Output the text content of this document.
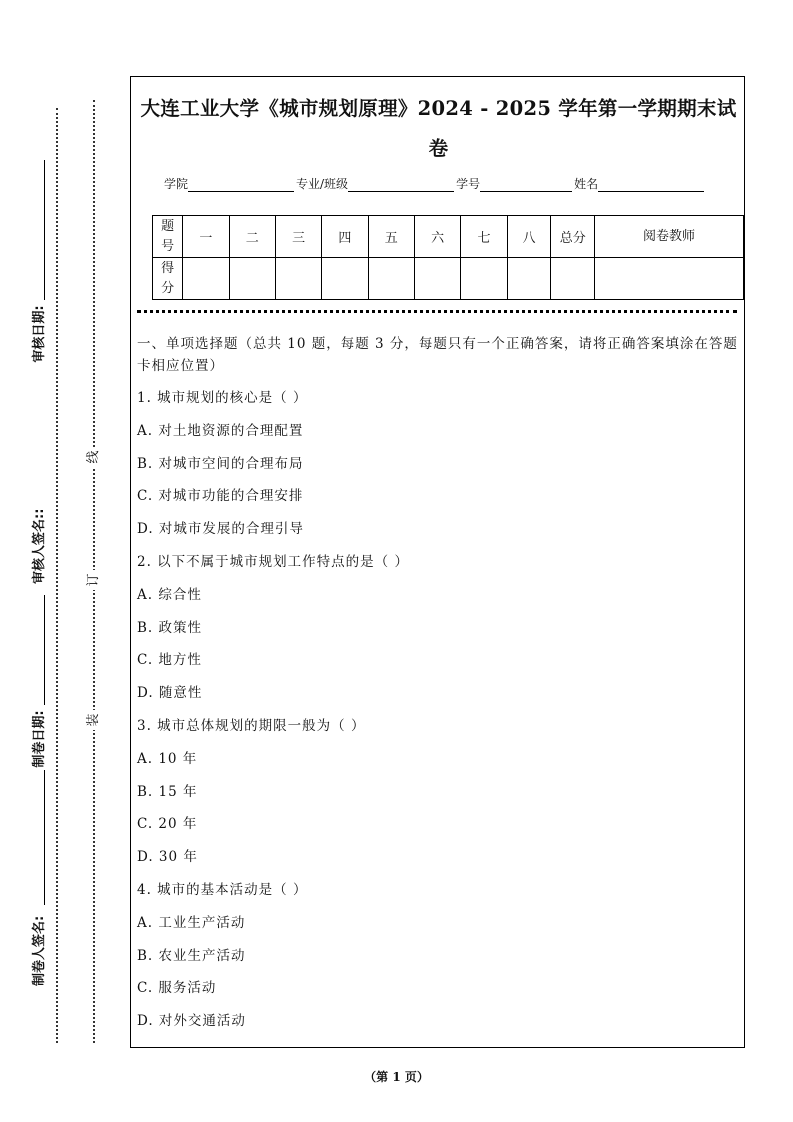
审核日期:
审核人签名::
制卷日期:
制卷人签名:
线
订
装
大连工业大学《城市规划原理》2024 - 2025 学年第一学期期末试卷
学院	专业/班级	学号	姓名
题号	一	二	三	四	五	六	七	八	总分	阅卷教师
得分										
一、单项选择题（总共 10 题，每题 3 分，每题只有一个正确答案，请将正确答案填涂在答题卡相应位置）
1. 城市规划的核心是（ ）
A. 对土地资源的合理配置
B. 对城市空间的合理布局
C. 对城市功能的合理安排
D. 对城市发展的合理引导
2. 以下不属于城市规划工作特点的是（ ）
A. 综合性
B. 政策性
C. 地方性
D. 随意性
3. 城市总体规划的期限一般为（ ）
A. 10 年
B. 15 年
C. 20 年
D. 30 年
4. 城市的基本活动是（ ）
A. 工业生产活动
B. 农业生产活动
C. 服务活动
D. 对外交通活动
（第 1 页）
